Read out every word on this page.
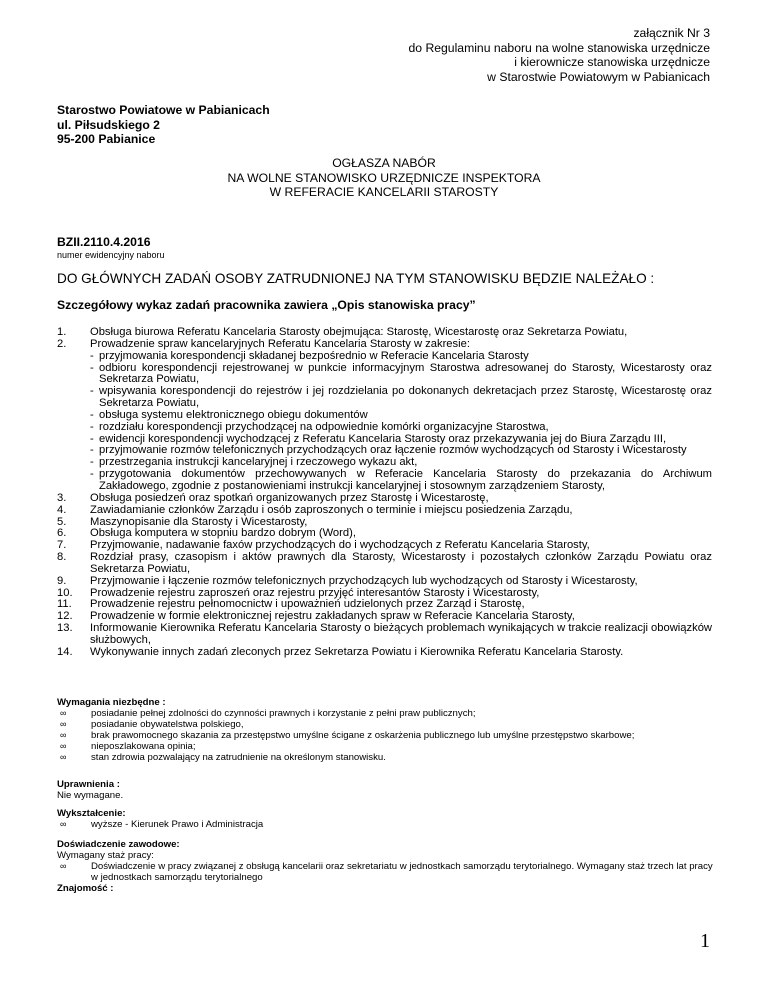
załącznik Nr 3
do Regulaminu naboru na wolne stanowiska urzędnicze
i kierownicze stanowiska urzędnicze
w Starostwie Powiatowym w Pabianicach
Starostwo Powiatowe w Pabianicach
ul. Piłsudskiego 2
95-200 Pabianice
OGŁASZA NABÓR
NA WOLNE STANOWISKO URZĘDNICZE INSPEKTORA
W REFERACIE KANCELARII STAROSTY
BZII.2110.4.2016
numer ewidencyjny naboru
DO GŁÓWNYCH ZADAŃ OSOBY ZATRUDNIONEJ NA TYM STANOWISKU BĘDZIE NALEŻAŁO :
Szczegółowy wykaz zadań pracownika zawiera „Opis stanowiska pracy”
1.	Obsługa biurowa Referatu Kancelaria Starosty obejmująca: Starostę, Wicestarostę oraz Sekretarza Powiatu,
2.	Prowadzenie spraw kancelaryjnych Referatu Kancelaria Starosty w zakresie:
- przyjmowania korespondencji składanej bezpośrednio w Referacie Kancelaria Starosty
- odbioru korespondencji rejestrowanej w punkcie informacyjnym Starostwa adresowanej do Starosty, Wicestarosty oraz Sekretarza Powiatu,
- wpisywania korespondencji do rejestrów i jej rozdzielania po dokonanych dekretacjach przez Starostę, Wicestarostę oraz Sekretarza Powiatu,
- obsługa systemu elektronicznego obiegu dokumentów
- rozdziału korespondencji przychodzącej na odpowiednie komórki organizacyjne Starostwa,
- ewidencji korespondencji wychodzącej z Referatu Kancelaria Starosty oraz przekazywania jej do Biura Zarządu III,
- przyjmowanie rozmów telefonicznych przychodzących oraz łączenie rozmów wychodzących od Starosty i Wicestarosty
- przestrzegania instrukcji kancelaryjnej i rzeczowego wykazu akt,
- przygotowania dokumentów przechowywanych w Referacie Kancelaria Starosty do przekazania do Archiwum Zakładowego, zgodnie z postanowieniami instrukcji kancelaryjnej i stosownym zarządzeniem Starosty,
3.	Obsługa posiedzeń oraz spotkań organizowanych przez Starostę i Wicestarostę,
4.	Zawiadamianie członków Zarządu i osób zaproszonych o terminie i miejscu posiedzenia Zarządu,
5.	Maszynopisanie dla Starosty i Wicestarosty,
6.	Obsługa komputera w stopniu bardzo dobrym (Word),
7.	Przyjmowanie, nadawanie faxów przychodzących do i wychodzących z Referatu Kancelaria Starosty,
8.	Rozdział prasy, czasopism i aktów prawnych dla Starosty, Wicestarosty i pozostałych członków Zarządu Powiatu oraz Sekretarza Powiatu,
9.	Przyjmowanie i łączenie rozmów telefonicznych przychodzących lub wychodzących od Starosty i Wicestarosty,
10.	Prowadzenie rejestru zaproszeń oraz rejestru przyjęć interesantów Starosty i Wicestarosty,
11.	Prowadzenie rejestru pełnomocnictw i upoważnień udzielonych przez Zarząd i Starostę,
12.	Prowadzenie w formie elektronicznej rejestru zakładanych spraw w Referacie Kancelaria Starosty,
13.	Informowanie Kierownika Referatu Kancelaria Starosty o bieżących problemach wynikających w trakcie realizacji obowiązków służbowych,
14.	Wykonywanie innych zadań zleconych przez Sekretarza Powiatu i Kierownika Referatu Kancelaria Starosty.
Wymagania niezbędne :
∞	posiadanie pełnej zdolności do czynności prawnych i korzystanie z pełni praw publicznych;
∞	posiadanie obywatelstwa polskiego,
∞	brak prawomocnego skazania za przestępstwo umyślne ścigane z oskarżenia publicznego lub umyślne przestępstwo skarbowe;
∞	nieposzlakowana opinia;
∞	stan zdrowia pozwalający na zatrudnienie na określonym stanowisku.
Uprawnienia :
Nie wymagane.
Wykształcenie:
∞	wyższe - Kierunek Prawo i Administracja
Doświadczenie zawodowe:
Wymagany staż pracy:
∞	Doświadczenie w pracy związanej z obsługą kancelarii oraz sekretariatu w jednostkach samorządu terytorialnego. Wymagany staż trzech lat pracy w jednostkach samorządu terytorialnego
Znajomość :
1
